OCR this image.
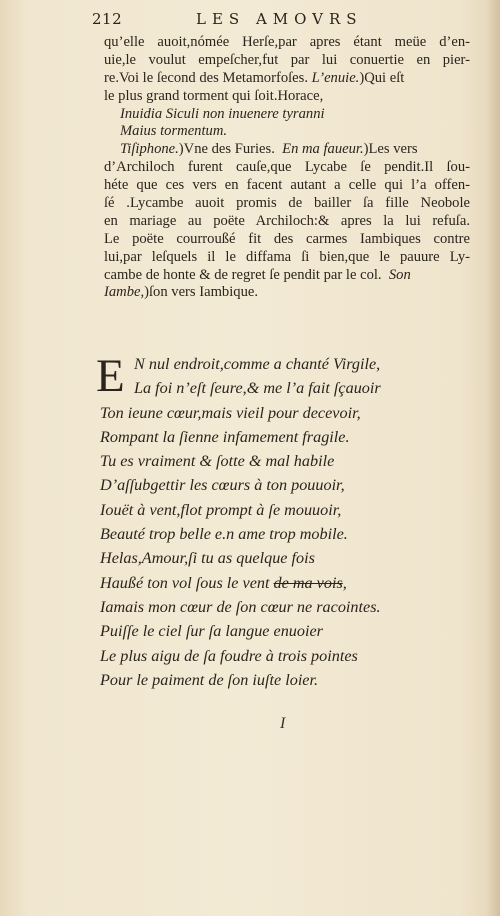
212	LES AMOVRS
qu’elle auoit,nómée Herſe,par apres étant meüe d’en-
uie,le voulut empeſcher,fut par lui conuertie en pier-
re.Voi le ſecond des Metamorfoſes. L’enuie.)Qui eſt
le plus grand torment qui ſoit.Horace,
Inuidia Siculi non inuenere tyranni
Maius tormentum.
Tiſiphone.)Vne des Furies. En ma faueur.)Les vers
d’Archiloch furent cauſe,que Lycabe ſe pendit.Il ſou-
héte que ces vers en facent autant a celle qui l’a offen-
ſé .Lycambe auoit promis de bailler ſa fille Neobole
en mariage au poëte Archiloch:& apres la lui refuſa.
Le poëte courroußé fit des carmes Iambiques contre
lui,par leſquels il le diffama ſi bien,que le pauure Ly-
cambe de honte & de regret ſe pendit par le col. Son
Iambe,)ſon vers Iambique.
E N nul endroit,comme a chanté Virgile,
La foi n’eſt ſeure,& me l’a fait ſçauoir
Ton ieune cœur,mais vieil pour decevoir,
Rompant la ſienne infamement fragile.
Tu es vraiment & ſotte & mal habile
D’aſſubgettir les cœurs à ton pouuoir,
Iouët à vent,flot prompt à ſe mouuoir,
Beauté trop belle e.n ame trop mobile.
Helas,Amour,ſi tu as quelque fois
Haußé ton vol ſous le vent de ma vois,
Iamais mon cœur de ſon cœur ne racointes.
Puiſſe le ciel ſur ſa langue enuoier
Le plus aigu de ſa foudre à trois pointes
Pour le paiment de ſon iuſte loier.
I
